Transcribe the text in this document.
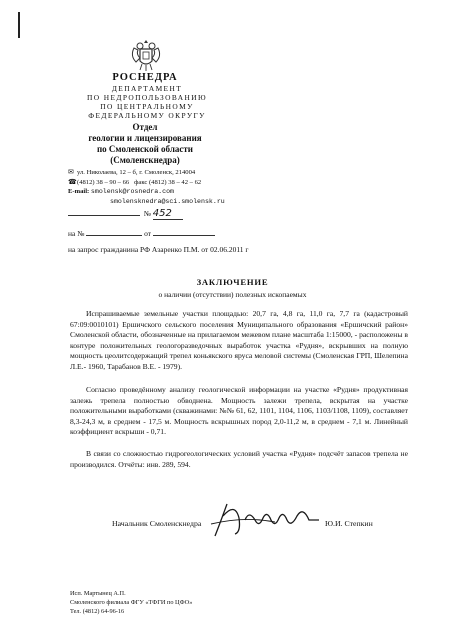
РОСНЕДРА
ДЕПАРТАМЕНТ
ПО НЕДРОПОЛЬЗОВАНИЮ
ПО ЦЕНТРАЛЬНОМУ
ФЕДЕРАЛЬНОМУ ОКРУГУ
Отдел
геологии и лицензирования
по Смоленской области
(Смоленскнедра)
✉ ул. Николаева, 12 – б, г. Смоленск, 214004
☎(4812) 38 – 90 – 66 факс (4812) 38 – 42 – 62
E-mail: smolensk@rosnedra.com
smolensknedra@sci.smolensk.ru
№ 452
на №	от
на запрос гражданина РФ Азаренко П.М. от 02.06.2011 г
ЗАКЛЮЧЕНИЕ
о наличии (отсутствии) полезных ископаемых
Испрашиваемые земельные участки площадью: 20,7 га, 4,8 га, 11,0 га, 7,7 га (кадастровый 67:09:0010101) Ершичского сельского поселения Муниципального образования «Ершичский район» Смоленской области, обозначенные на прилагаемом межевом плане масштаба 1:15000, - расположены в контуре положительных геологоразведочных выработок участка «Рудня», вскрывших на полную мощность цеолитсодержащий трепел коньякского яруса меловой системы (Смоленская ГРП, Шелепина Л.Е.- 1960, Тарабанов В.Е. - 1979).
Согласно проведённому анализу геологической информации на участке «Рудня» продуктивная залежь трепела полностью обводнена. Мощность залежи трепела, вскрытая на участке положительными выработками (скважинами: №№ 61, 62, 1101, 1104, 1106, 1103/1108, 1109), составляет 8,3-24,3 м, в среднем - 17,5 м. Мощность вскрышных пород 2,0-11,2 м, в среднем - 7,1 м. Линейный коэффициент вскрыши - 0,71.
В связи со сложностью гидрогеологических условий участка «Рудня» подсчёт запасов трепела не производился. Отчёты: инв. 289, 594.
Начальник Смоленскнедра	Ю.И. Степкин
Исп. Мартынец А.П.
Смоленского филиала ФГУ «ТФГИ по ЦФО»
Тел. (4812) 64-96-16
